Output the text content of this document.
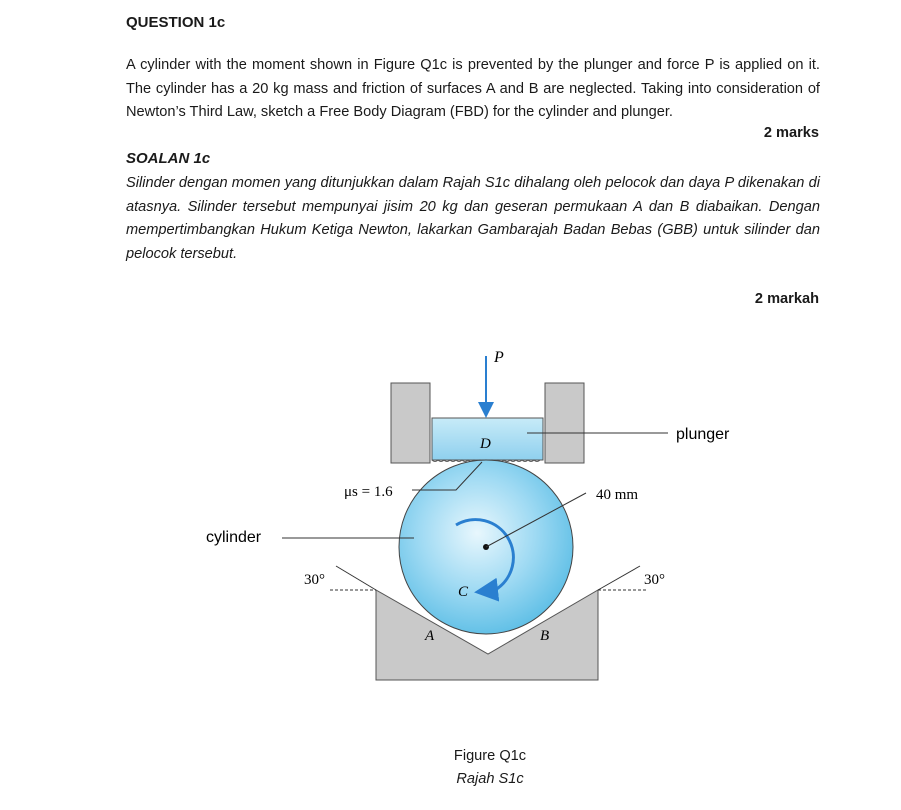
QUESTION 1c
A cylinder with the moment shown in Figure Q1c is prevented by the plunger and force P is applied on it. The cylinder has a 20 kg mass and friction of surfaces A and B are neglected. Taking into consideration of Newton’s Third Law, sketch a Free Body Diagram (FBD) for the cylinder and plunger.
2 marks
SOALAN 1c
Silinder dengan momen yang ditunjukkan dalam Rajah S1c dihalang oleh pelocok dan daya P dikenakan di atasnya. Silinder tersebut mempunyai jisim 20 kg dan geseran permukaan A dan B diabaikan. Dengan mempertimbangkan Hukum Ketiga Newton, lakarkan Gambarajah Badan Bebas (GBB) untuk silinder dan pelocok tersebut.
2 markah
P
plunger
C
D
μs = 1.6	40 mm
cylinder
30°	30°
A	B
Figure Q1c
Rajah S1c
